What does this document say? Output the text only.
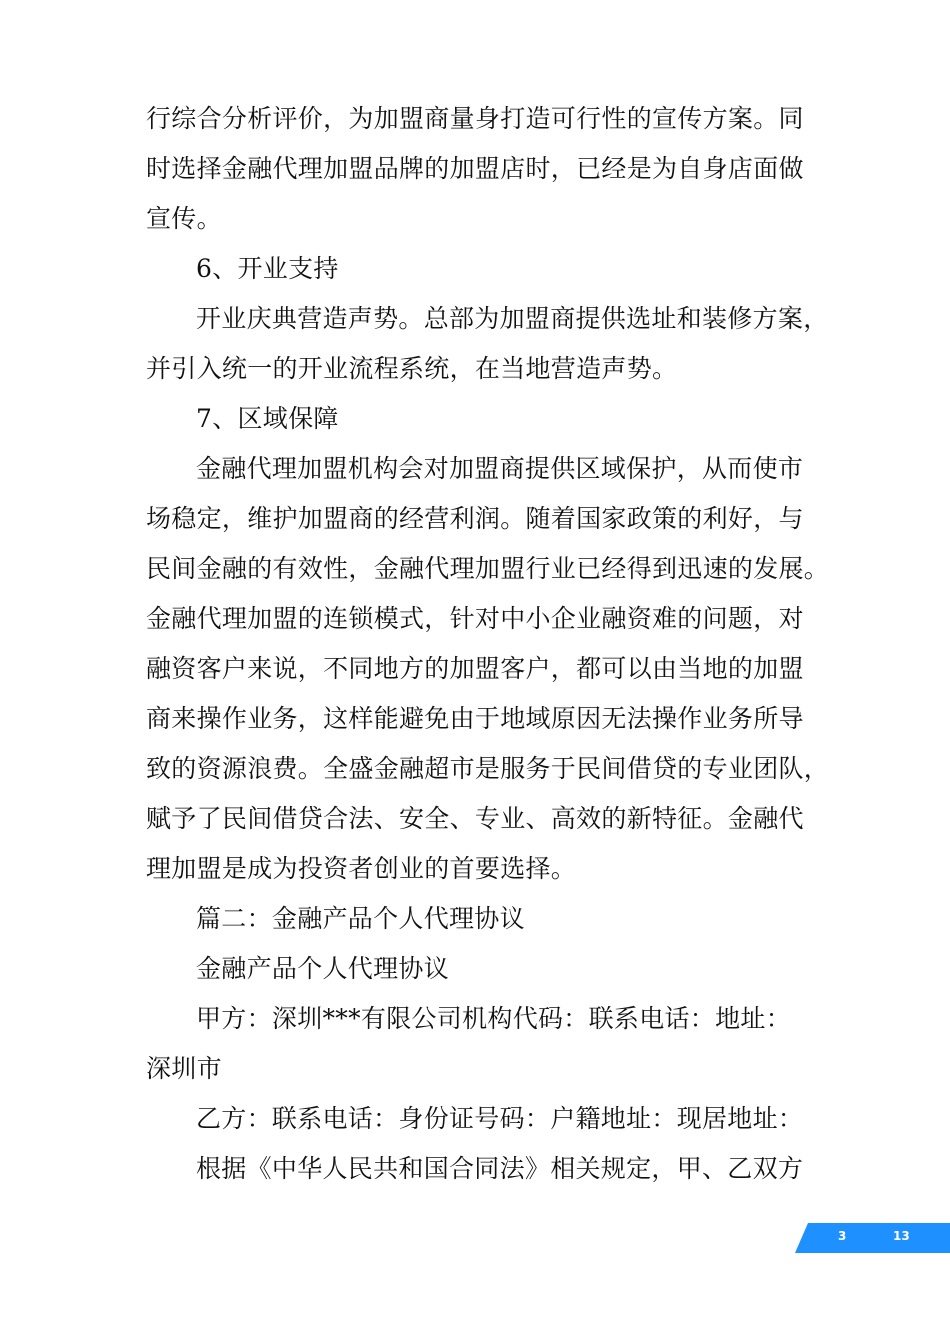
行综合分析评价，为加盟商量身打造可行性的宣传方案。同
时选择金融代理加盟品牌的加盟店时，已经是为自身店面做
宣传。
6、开业支持
开业庆典营造声势。总部为加盟商提供选址和装修方案，
并引入统一的开业流程系统，在当地营造声势。
7、区域保障
金融代理加盟机构会对加盟商提供区域保护，从而使市
场稳定，维护加盟商的经营利润。随着国家政策的利好，与
民间金融的有效性，金融代理加盟行业已经得到迅速的发展。
金融代理加盟的连锁模式，针对中小企业融资难的问题，对
融资客户来说，不同地方的加盟客户，都可以由当地的加盟
商来操作业务，这样能避免由于地域原因无法操作业务所导
致的资源浪费。全盛金融超市是服务于民间借贷的专业团队，
赋予了民间借贷合法、安全、专业、高效的新特征。金融代
理加盟是成为投资者创业的首要选择。
篇二：金融产品个人代理协议
金融产品个人代理协议
甲方：深圳***有限公司机构代码：联系电话：地址：
深圳市
乙方：联系电话：身份证号码：户籍地址：现居地址：
根据《中华人民共和国合同法》相关规定，甲、乙双方
3	13
